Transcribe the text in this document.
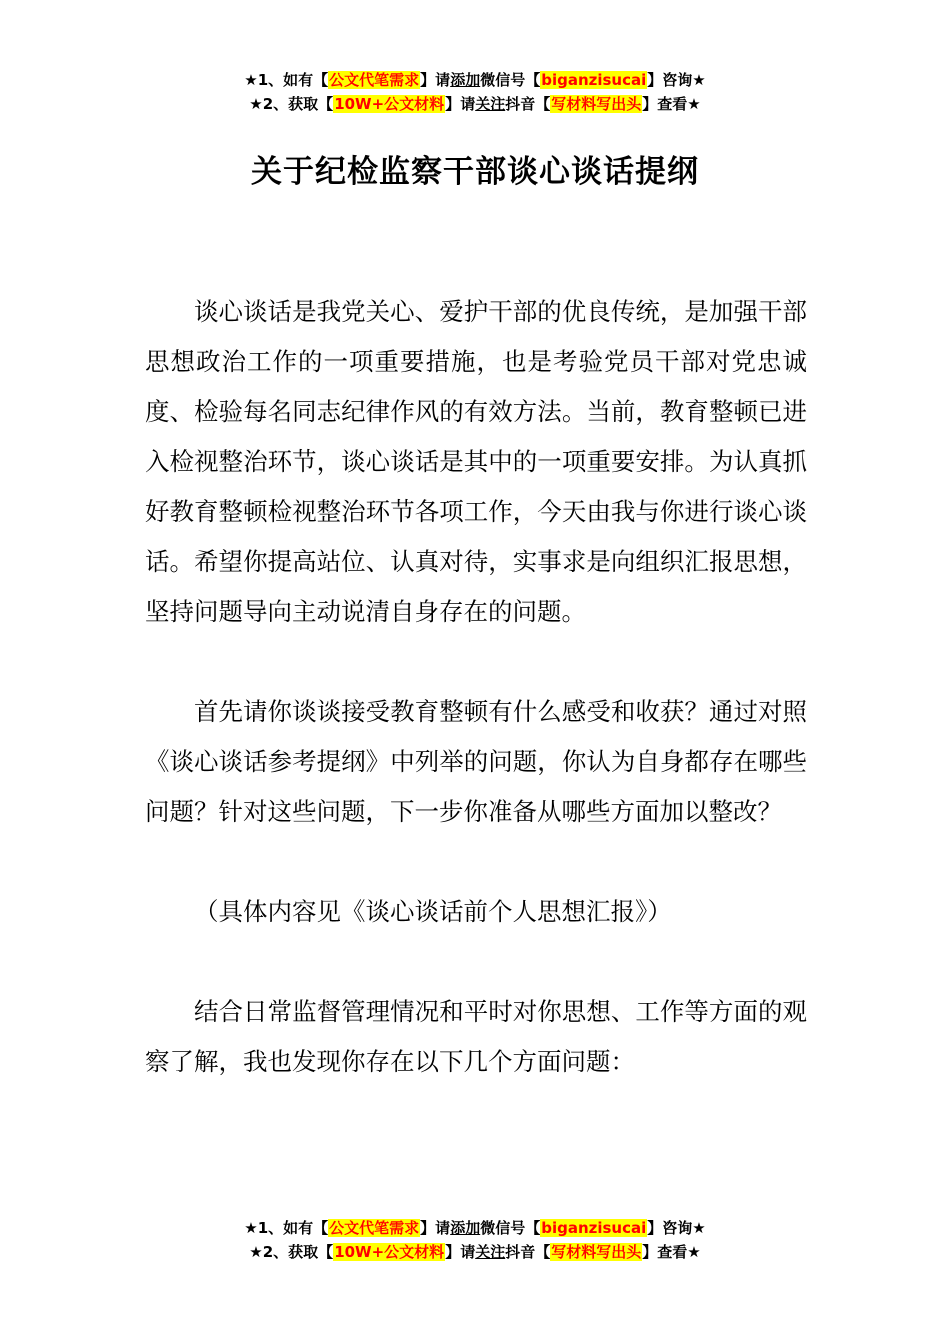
★1、如有【公文代笔需求】请添加微信号【biganzisucai】咨询★
★2、获取【10W+公文材料】请关注抖音【写材料写出头】查看★
关于纪检监察干部谈心谈话提纲

谈心谈话是我党关心、爱护干部的优良传统，是加强干部思想政治工作的一项重要措施，也是考验党员干部对党忠诚度、检验每名同志纪律作风的有效方法。当前，教育整顿已进入检视整治环节，谈心谈话是其中的一项重要安排。为认真抓好教育整顿检视整治环节各项工作，今天由我与你进行谈心谈话。希望你提高站位、认真对待，实事求是向组织汇报思想，坚持问题导向主动说清自身存在的问题。

首先请你谈谈接受教育整顿有什么感受和收获？通过对照《谈心谈话参考提纲》中列举的问题，你认为自身都存在哪些问题？针对这些问题，下一步你准备从哪些方面加以整改？

（具体内容见《谈心谈话前个人思想汇报》）

结合日常监督管理情况和平时对你思想、工作等方面的观察了解，我也发现你存在以下几个方面问题：

★1、如有【公文代笔需求】请添加微信号【biganzisucai】咨询★
★2、获取【10W+公文材料】请关注抖音【写材料写出头】查看★
